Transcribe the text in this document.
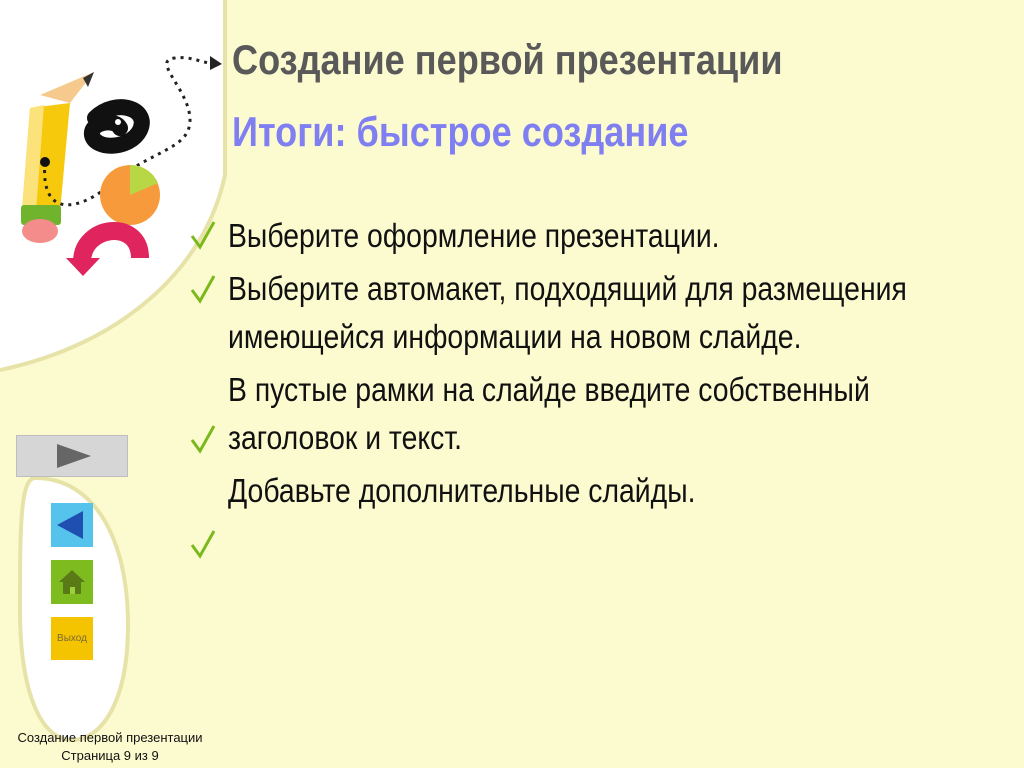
Создание первой презентации
Итоги: быстрое создание
Выберите оформление презентации.
Выберите автомакет, подходящий для размещения имеющейся информации на новом слайде.
В пустые рамки на слайде введите собственный заголовок и текст.
Добавьте дополнительные слайды.
Выход
Создание первой презентации
Страница 9 из 9
